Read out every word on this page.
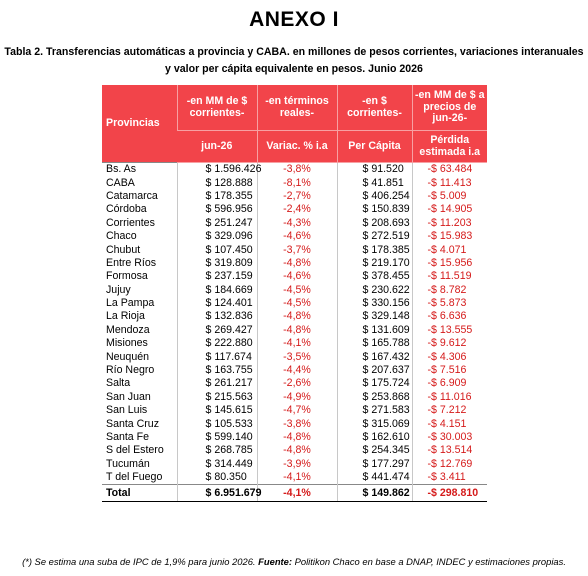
ANEXO I
Tabla 2. Transferencias automáticas a provincia y CABA. en millones de pesos corrientes, variaciones interanuales y valor per cápita equivalente en pesos. Junio 2026
Provincias	-en MM de $ corrientes-	-en términos reales-	-en $ corrientes-	-en MM de $ a precios de jun-26-
	jun-26	Variac. % i.a	Per Cápita	Pérdida estimada i.a
Bs. As	$ 1.596.426	-3,8%	$ 91.520	-$ 63.484
CABA	$ 128.888	-8,1%	$ 41.851	-$ 11.413
Catamarca	$ 178.355	-2,7%	$ 406.254	-$ 5.009
Córdoba	$ 596.956	-2,4%	$ 150.839	-$ 14.905
Corrientes	$ 251.247	-4,3%	$ 208.693	-$ 11.203
Chaco	$ 329.096	-4,6%	$ 272.519	-$ 15.983
Chubut	$ 107.450	-3,7%	$ 178.385	-$ 4.071
Entre Ríos	$ 319.809	-4,8%	$ 219.170	-$ 15.956
Formosa	$ 237.159	-4,6%	$ 378.455	-$ 11.519
Jujuy	$ 184.669	-4,5%	$ 230.622	-$ 8.782
La Pampa	$ 124.401	-4,5%	$ 330.156	-$ 5.873
La Rioja	$ 132.836	-4,8%	$ 329.148	-$ 6.636
Mendoza	$ 269.427	-4,8%	$ 131.609	-$ 13.555
Misiones	$ 222.880	-4,1%	$ 165.788	-$ 9.612
Neuquén	$ 117.674	-3,5%	$ 167.432	-$ 4.306
Río Negro	$ 163.755	-4,4%	$ 207.637	-$ 7.516
Salta	$ 261.217	-2,6%	$ 175.724	-$ 6.909
San Juan	$ 215.563	-4,9%	$ 253.868	-$ 11.016
San Luis	$ 145.615	-4,7%	$ 271.583	-$ 7.212
Santa Cruz	$ 105.533	-3,8%	$ 315.069	-$ 4.151
Santa Fe	$ 599.140	-4,8%	$ 162.610	-$ 30.003
S del Estero	$ 268.785	-4,8%	$ 254.345	-$ 13.514
Tucumán	$ 314.449	-3,9%	$ 177.297	-$ 12.769
T del Fuego	$ 80.350	-4,1%	$ 441.474	-$ 3.411
Total	$ 6.951.679	-4,1%	$ 149.862	-$ 298.810
(*) Se estima una suba de IPC de 1,9% para junio 2026. Fuente: Politikon Chaco en base a DNAP, INDEC y estimaciones propias.
